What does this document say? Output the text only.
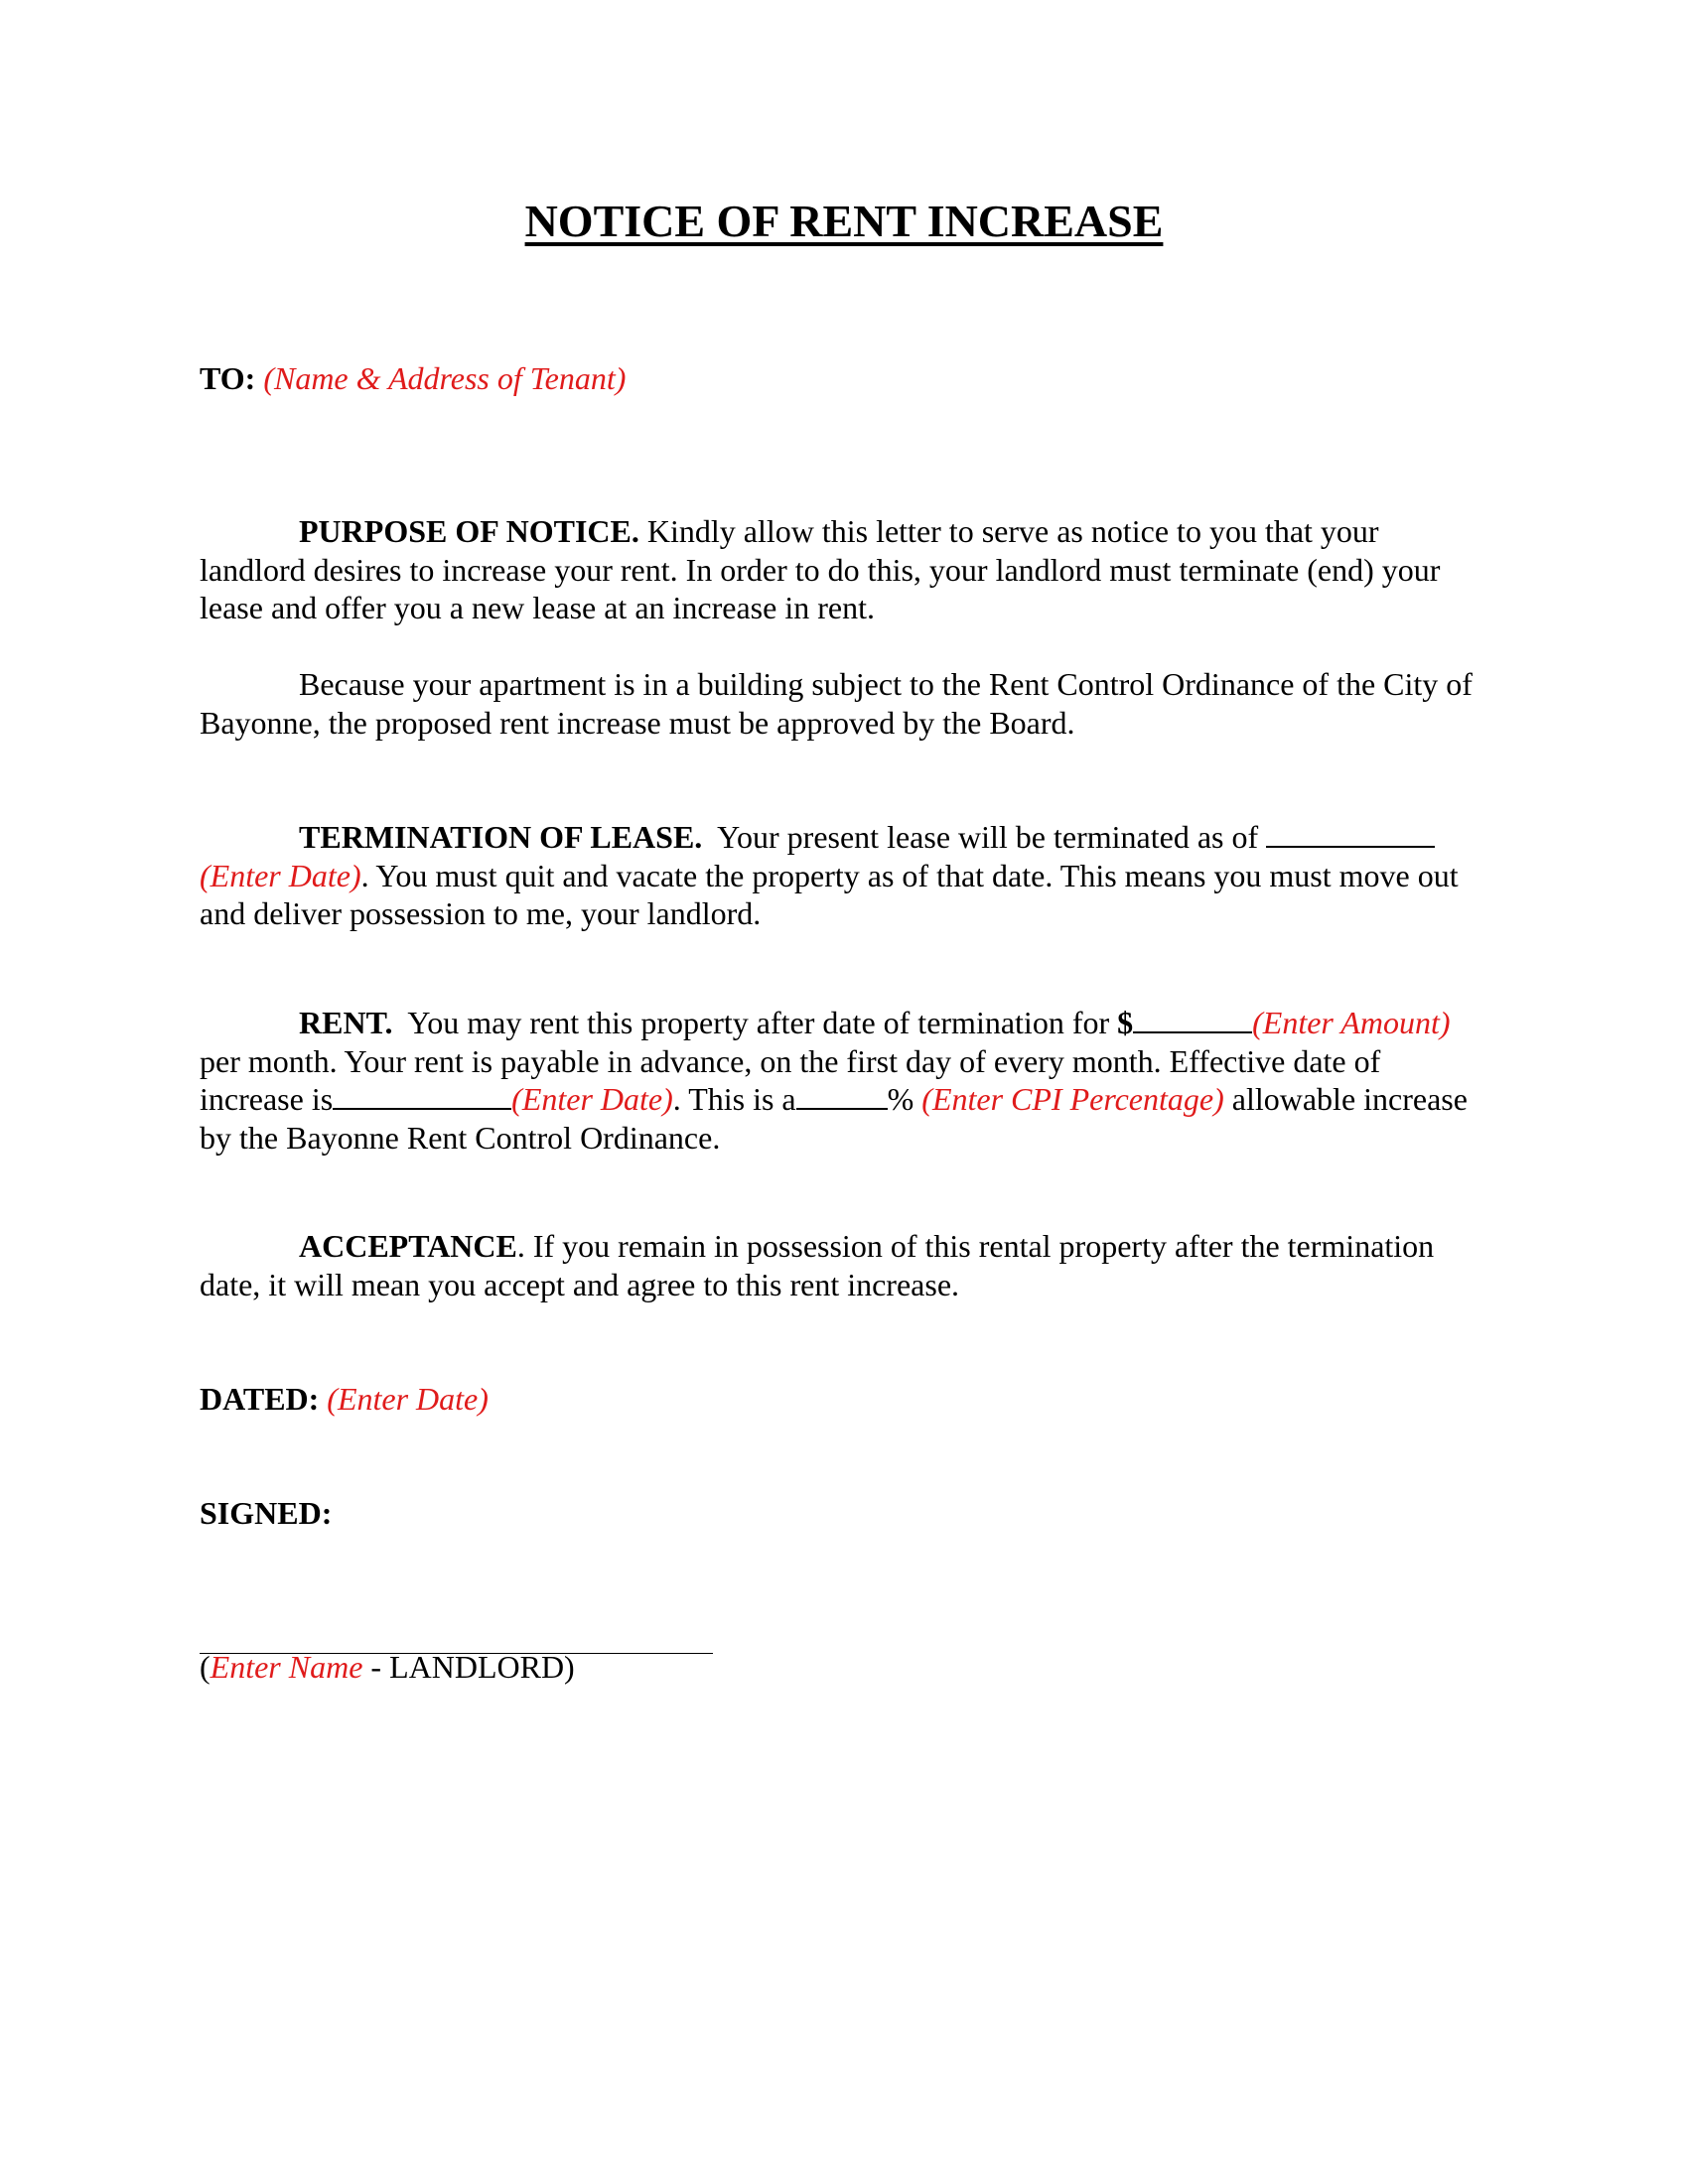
NOTICE OF RENT INCREASE
TO: (Name & Address of Tenant)
PURPOSE OF NOTICE. Kindly allow this letter to serve as notice to you that your landlord desires to increase your rent. In order to do this, your landlord must terminate (end) your lease and offer you a new lease at an increase in rent.
Because your apartment is in a building subject to the Rent Control Ordinance of the City of Bayonne, the proposed rent increase must be approved by the Board.
TERMINATION OF LEASE. Your present lease will be terminated as of  (Enter Date). You must quit and vacate the property as of that date. This means you must move out and deliver possession to me, your landlord.
RENT. You may rent this property after date of termination for $	(Enter Amount) per month. Your rent is payable in advance, on the first day of every month. Effective date of increase is	(Enter Date). This is a	% (Enter CPI Percentage) allowable increase by the Bayonne Rent Control Ordinance.
ACCEPTANCE. If you remain in possession of this rental property after the termination date, it will mean you accept and agree to this rent increase.
DATED: (Enter Date)
SIGNED:
(Enter Name - LANDLORD)
